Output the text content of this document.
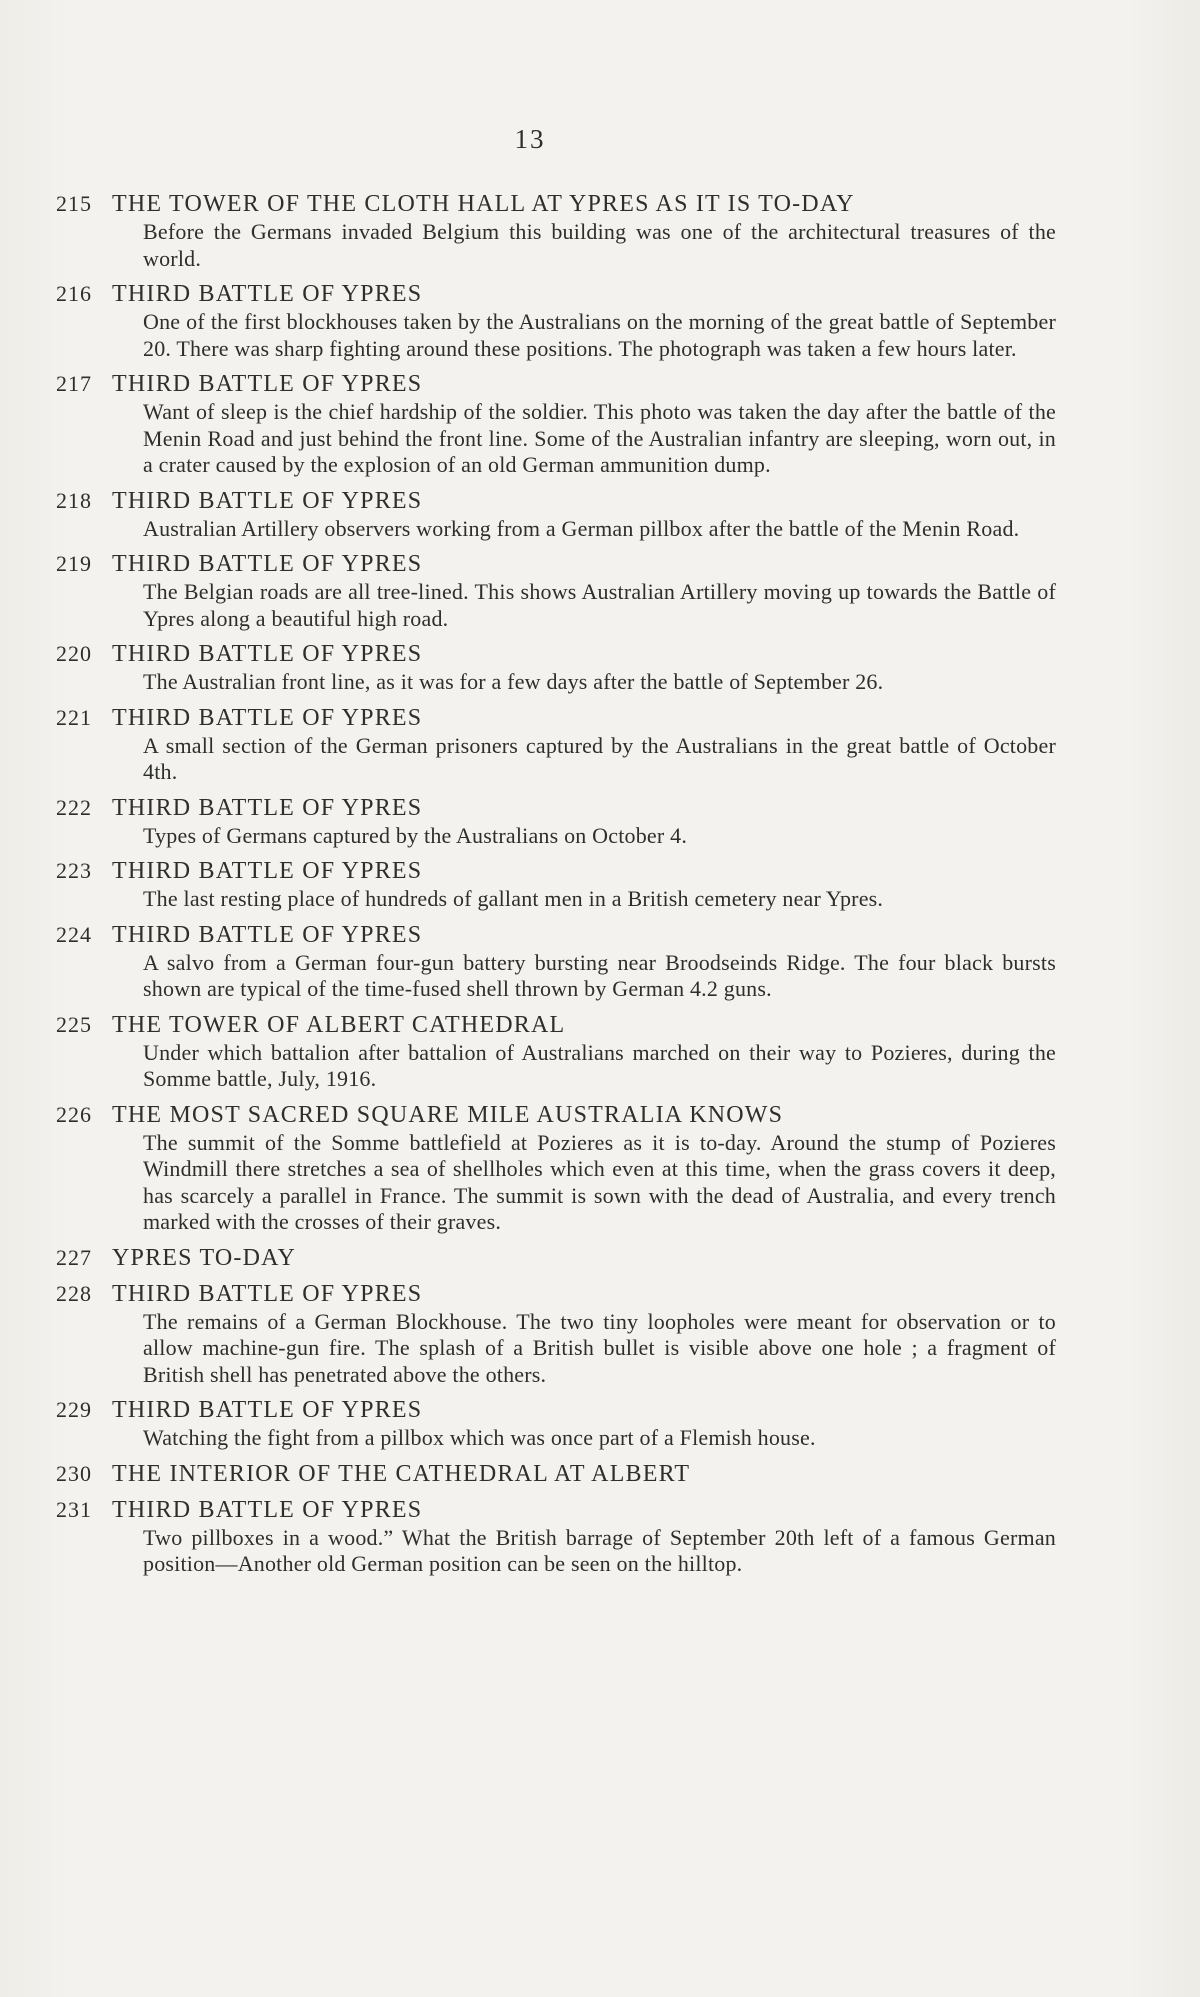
13
215 THE TOWER OF THE CLOTH HALL AT YPRES AS IT IS TO-DAY
Before the Germans invaded Belgium this building was one of the architectural treasures of the world.
216 THIRD BATTLE OF YPRES
One of the first blockhouses taken by the Australians on the morning of the great battle of September 20. There was sharp fighting around these positions. The photograph was taken a few hours later.
217 THIRD BATTLE OF YPRES
Want of sleep is the chief hardship of the soldier. This photo was taken the day after the battle of the Menin Road and just behind the front line. Some of the Australian infantry are sleeping, worn out, in a crater caused by the explosion of an old German ammunition dump.
218 THIRD BATTLE OF YPRES
Australian Artillery observers working from a German pillbox after the battle of the Menin Road.
219 THIRD BATTLE OF YPRES
The Belgian roads are all tree-lined. This shows Australian Artillery moving up towards the Battle of Ypres along a beautiful high road.
220 THIRD BATTLE OF YPRES
The Australian front line, as it was for a few days after the battle of September 26.
221 THIRD BATTLE OF YPRES
A small section of the German prisoners captured by the Australians in the great battle of October 4th.
222 THIRD BATTLE OF YPRES
Types of Germans captured by the Australians on October 4.
223 THIRD BATTLE OF YPRES
The last resting place of hundreds of gallant men in a British cemetery near Ypres.
224 THIRD BATTLE OF YPRES
A salvo from a German four-gun battery bursting near Broodseinds Ridge. The four black bursts shown are typical of the time-fused shell thrown by German 4.2 guns.
225 THE TOWER OF ALBERT CATHEDRAL
Under which battalion after battalion of Australians marched on their way to Pozieres, during the Somme battle, July, 1916.
226 THE MOST SACRED SQUARE MILE AUSTRALIA KNOWS
The summit of the Somme battlefield at Pozieres as it is to-day. Around the stump of Pozieres Windmill there stretches a sea of shellholes which even at this time, when the grass covers it deep, has scarcely a parallel in France. The summit is sown with the dead of Australia, and every trench marked with the crosses of their graves.
227 YPRES TO-DAY
228 THIRD BATTLE OF YPRES
The remains of a German Blockhouse. The two tiny loopholes were meant for observation or to allow machine-gun fire. The splash of a British bullet is visible above one hole ; a fragment of British shell has penetrated above the others.
229 THIRD BATTLE OF YPRES
Watching the fight from a pillbox which was once part of a Flemish house.
230 THE INTERIOR OF THE CATHEDRAL AT ALBERT
231 THIRD BATTLE OF YPRES
Two pillboxes in a wood.” What the British barrage of September 20th left of a famous German position—Another old German position can be seen on the hilltop.
